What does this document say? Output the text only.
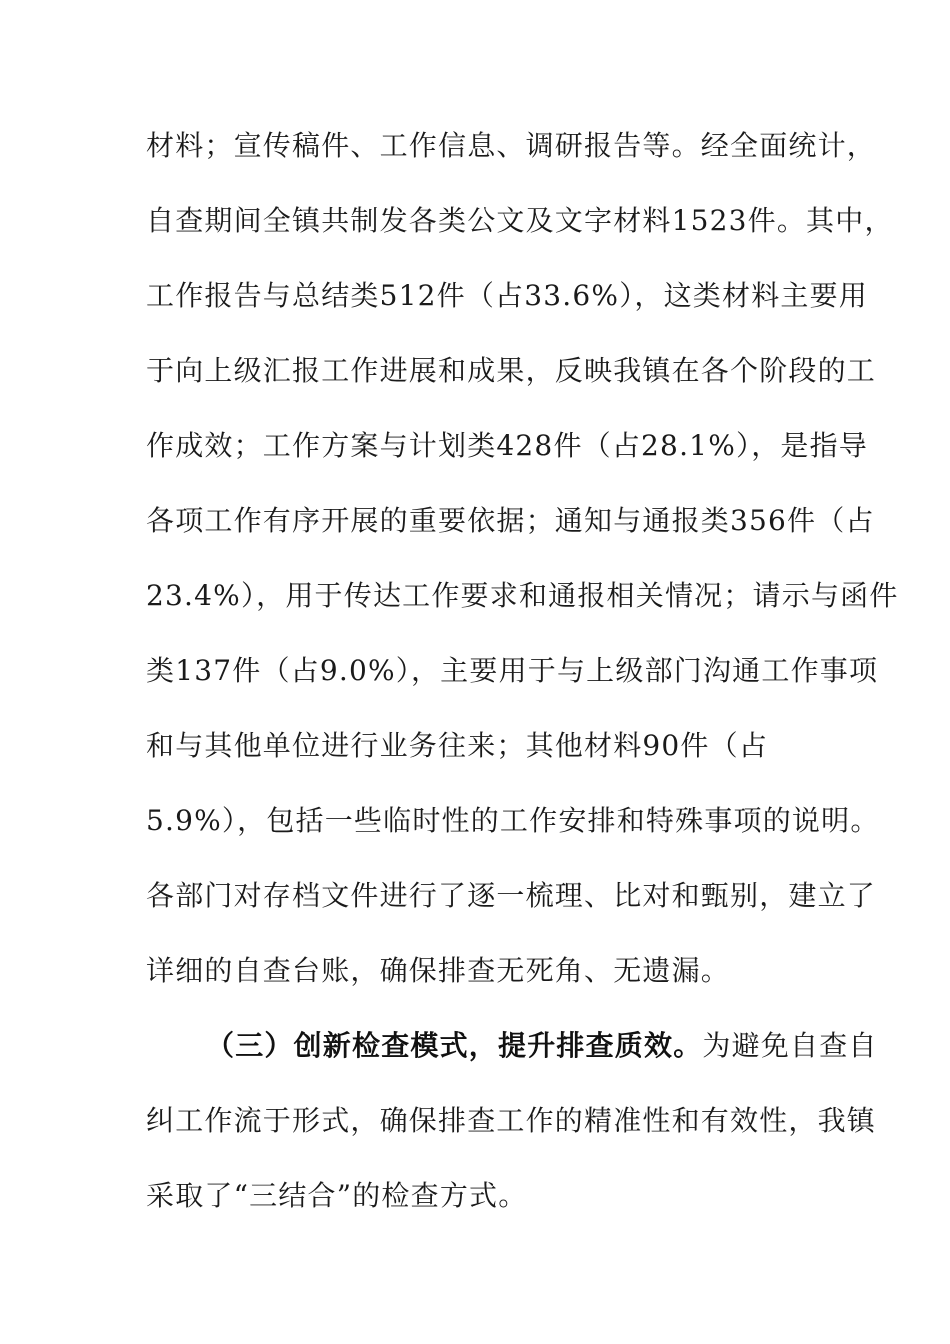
材料；宣传稿件、工作信息、调研报告等。经全面统计，
自查期间全镇共制发各类公文及文字材料1523件。其中，
工作报告与总结类512件（占33.6%），这类材料主要用
于向上级汇报工作进展和成果，反映我镇在各个阶段的工
作成效；工作方案与计划类428件（占28.1%），是指导
各项工作有序开展的重要依据；通知与通报类356件（占
23.4%），用于传达工作要求和通报相关情况；请示与函件
类137件（占9.0%），主要用于与上级部门沟通工作事项
和与其他单位进行业务往来；其他材料90件（占
5.9%），包括一些临时性的工作安排和特殊事项的说明。
各部门对存档文件进行了逐一梳理、比对和甄别，建立了
详细的自查台账，确保排查无死角、无遗漏。
（三）创新检查模式，提升排查质效。为避免自查自
纠工作流于形式，确保排查工作的精准性和有效性，我镇
采取了“三结合”的检查方式。
